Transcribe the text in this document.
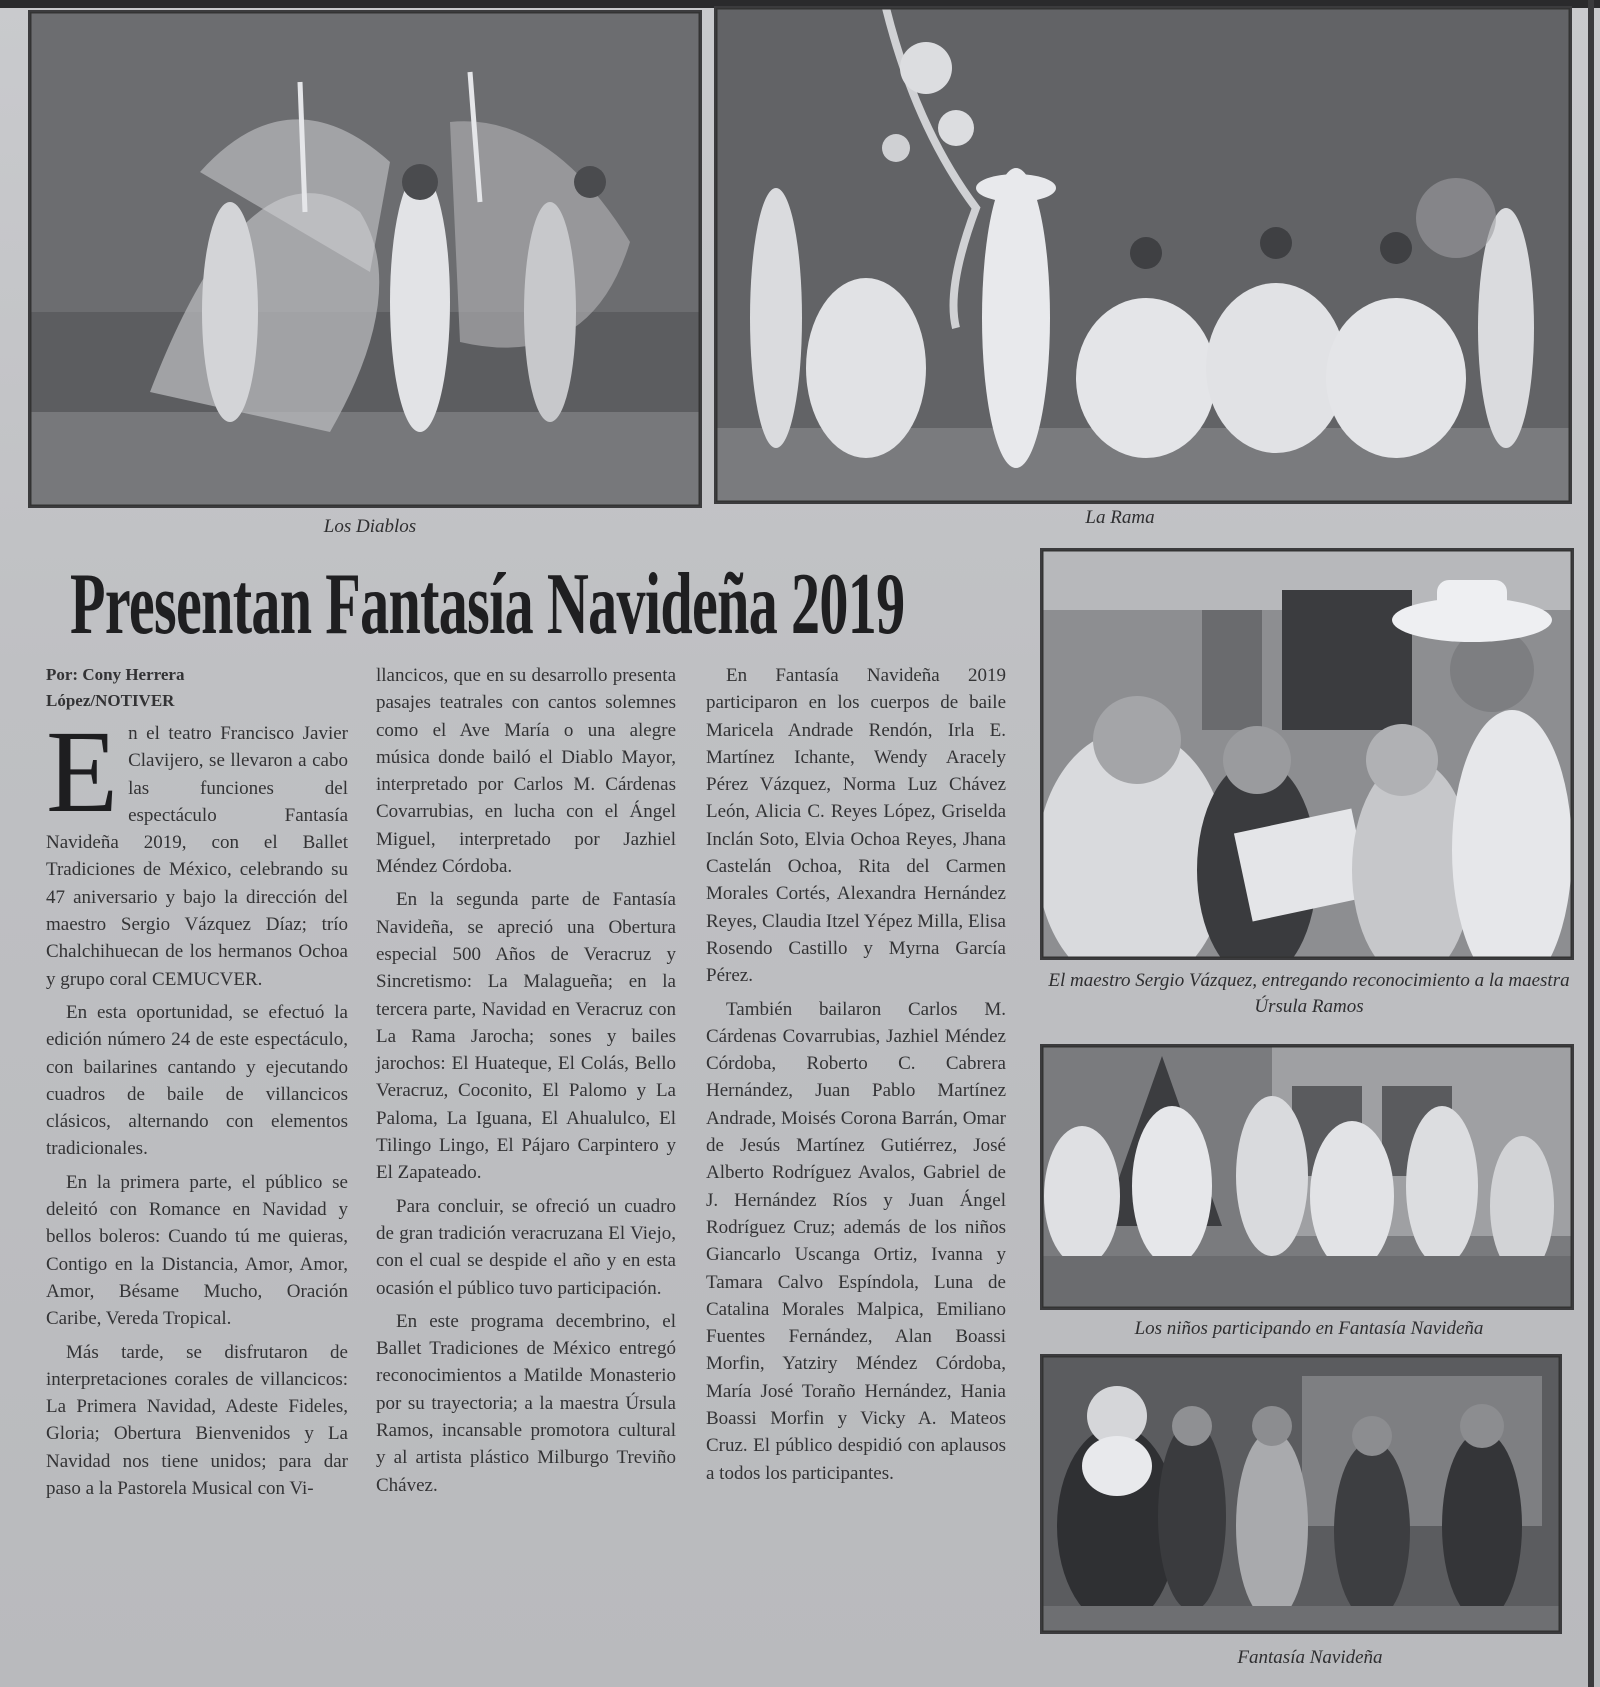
Los Diablos	La Rama
Presentan Fantasía Navideña 2019

Por: Cony Herrera
López/NOTIVER

En el teatro Francisco Javier Clavijero, se llevaron a cabo las funciones del espectáculo Fantasía Navideña 2019, con el Ballet Tradiciones de México, celebrando su 47 aniversario y bajo la dirección del maestro Sergio Vázquez Díaz; trío Chalchihuecan de los hermanos Ochoa y grupo coral CEMUCVER.

En esta oportunidad, se efectuó la edición número 24 de este espectáculo, con bailarines cantando y ejecutando cuadros de baile de villancicos clásicos, alternando con elementos tradicionales.

En la primera parte, el público se deleitó con Romance en Navidad y bellos boleros: Cuando tú me quieras, Contigo en la Distancia, Amor, Amor, Amor, Bésame Mucho, Oración Caribe, Vereda Tropical.

Más tarde, se disfrutaron de interpretaciones corales de villancicos: La Primera Navidad, Adeste Fideles, Gloria; Obertura Bienvenidos y La Navidad nos tiene unidos; para dar paso a la Pastorela Musical con Vi-

llancicos, que en su desarrollo presenta pasajes teatrales con cantos solemnes como el Ave María o una alegre música donde bailó el Diablo Mayor, interpretado por Carlos M. Cárdenas Covarrubias, en lucha con el Ángel Miguel, interpretado por Jazhiel Méndez Córdoba.

En la segunda parte de Fantasía Navideña, se apreció una Obertura especial 500 Años de Veracruz y Sincretismo: La Malagueña; en la tercera parte, Navidad en Veracruz con La Rama Jarocha; sones y bailes jarochos: El Huateque, El Colás, Bello Veracruz, Coconito, El Palomo y La Paloma, La Iguana, El Ahualulco, El Tilingo Lingo, El Pájaro Carpintero y El Zapateado.

Para concluir, se ofreció un cuadro de gran tradición veracruzana El Viejo, con el cual se despide el año y en esta ocasión el público tuvo participación.

En este programa decembrino, el Ballet Tradiciones de México entregó reconocimientos a Matilde Monasterio por su trayectoria; a la maestra Úrsula Ramos, incansable promotora cultural y al artista plástico Milburgo Treviño Chávez.

En Fantasía Navideña 2019 participaron en los cuerpos de baile Maricela Andrade Rendón, Irla E. Martínez Ichante, Wendy Aracely Pérez Vázquez, Norma Luz Chávez León, Alicia C. Reyes López, Griselda Inclán Soto, Elvia Ochoa Reyes, Jhana Castelán Ochoa, Rita del Carmen Morales Cortés, Alexandra Hernández Reyes, Claudia Itzel Yépez Milla, Elisa Rosendo Castillo y Myrna García Pérez.

También bailaron Carlos M. Cárdenas Covarrubias, Jazhiel Méndez Córdoba, Roberto C. Cabrera Hernández, Juan Pablo Martínez Andrade, Moisés Corona Barrán, Omar de Jesús Martínez Gutiérrez, José Alberto Rodríguez Avalos, Gabriel de J. Hernández Ríos y Juan Ángel Rodríguez Cruz; además de los niños Giancarlo Uscanga Ortiz, Ivanna y Tamara Calvo Espíndola, Luna de Catalina Morales Malpica, Emiliano Fuentes Fernández, Alan Boassi Morfin, Yatziry Méndez Córdoba, María José Toraño Hernández, Hania Boassi Morfin y Vicky A. Mateos Cruz. El público despidió con aplausos a todos los participantes.

El maestro Sergio Vázquez, entregando reconocimiento a la maestra Úrsula Ramos
Los niños participando en Fantasía Navideña
Fantasía Navideña
